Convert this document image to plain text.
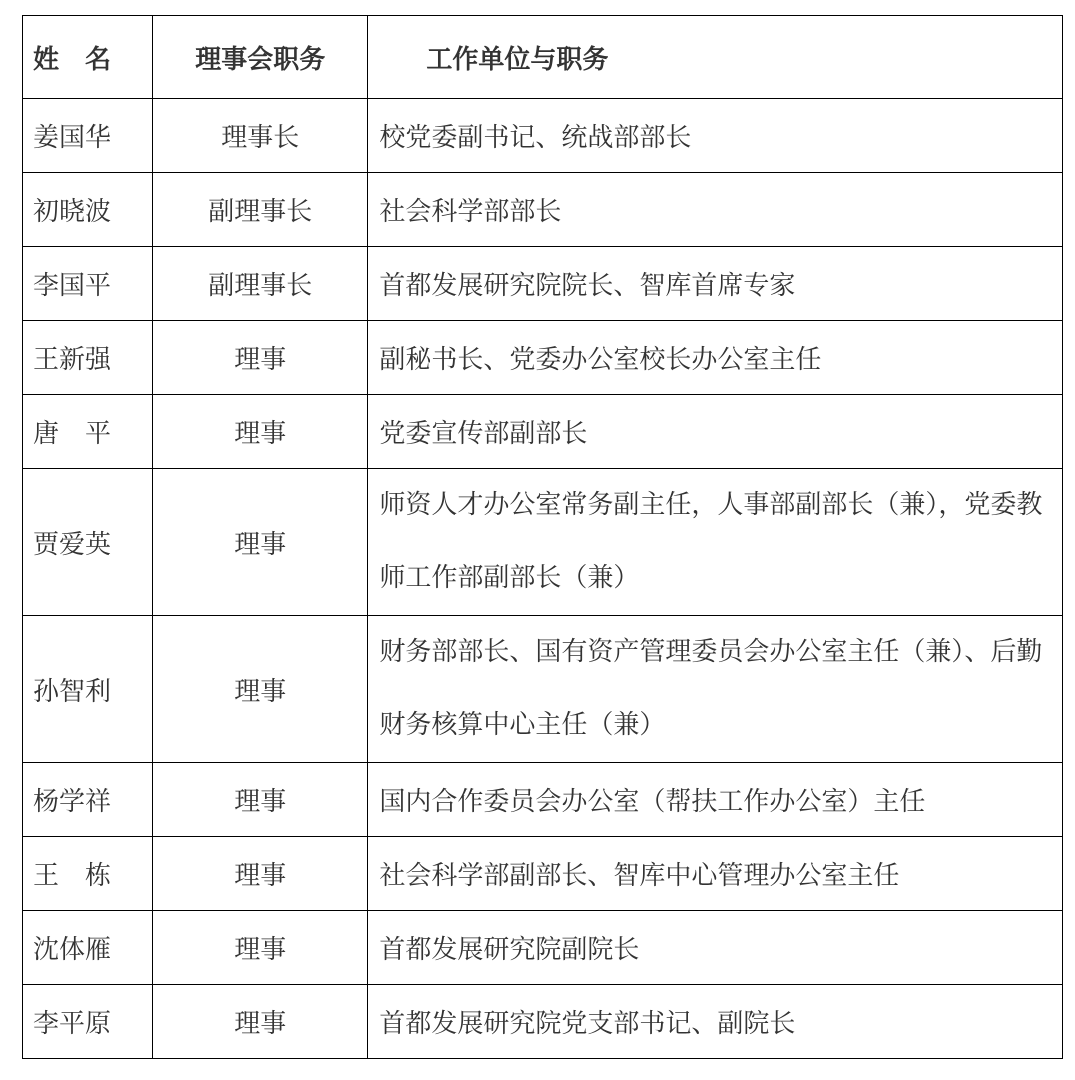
姓　名	理事会职务	工作单位与职务
姜国华	理事长	校党委副书记、统战部部长
初晓波	副理事长	社会科学部部长
李国平	副理事长	首都发展研究院院长、智库首席专家
王新强	理事	副秘书长、党委办公室校长办公室主任
唐　平	理事	党委宣传部副部长
贾爱英	理事	师资人才办公室常务副主任，人事部副部长（兼），党委教师工作部副部长（兼）
孙智利	理事	财务部部长、国有资产管理委员会办公室主任（兼）、后勤财务核算中心主任（兼）
杨学祥	理事	国内合作委员会办公室（帮扶工作办公室）主任
王　栋	理事	社会科学部副部长、智库中心管理办公室主任
沈体雁	理事	首都发展研究院副院长
李平原	理事	首都发展研究院党支部书记、副院长
